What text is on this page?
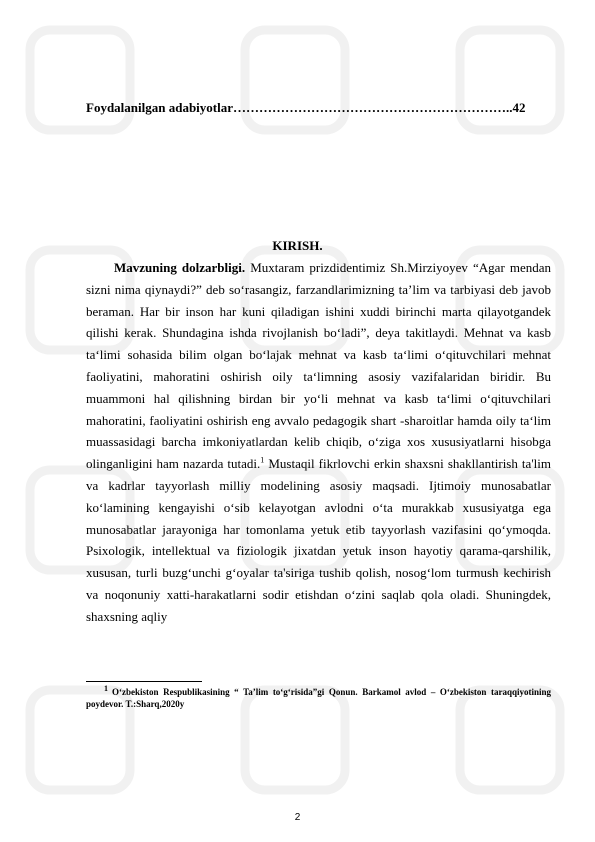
Foydalanilgan adabiyotlar………………………………………………………..42
KIRISH.

Mavzuning dolzarbligi. Muxtaram prizdidentimiz Sh.Mirziyoyev “Agar mendan sizni nima qiynaydi?” deb so‘rasangiz, farzandlarimizning ta’lim va tarbiyasi deb javob beraman. Har bir inson har kuni qiladigan ishini xuddi birinchi marta qilayotgandek qilishi kerak. Shundagina ishda rivojlanish bo‘ladi”, deya takitlaydi. Mehnat va kasb ta‘limi sohasida bilim olgan bo‘lajak mehnat va kasb ta‘limi o‘qituvchilari mehnat faoliyatini, mahoratini oshirish oily ta‘limning asosiy vazifalaridan biridir. Bu muammoni hal qilishning birdan bir yo‘li mehnat va kasb ta‘limi o‘qituvchilari mahoratini, faoliyatini oshirish eng avvalo pedagogik shart -sharoitlar hamda oily ta‘lim muassasidagi barcha imkoniyatlardan kelib chiqib, o‘ziga xos xususiyatlarni hisobga olinganligini ham nazarda tutadi.$^1$ Mustaqil fikrlovchi erkin shaxsni shakllantirish ta'lim va kadrlar tayyorlash milliy modelining asosiy maqsadi. Ijtimoiy munosabatlar ko‘lamining kengayishi o‘sib kelayotgan avlodni o‘ta murakkab xususiyatga ega munosabatlar jarayoniga har tomonlama yetuk etib tayyorlash vazifasini qo‘ymoqda. Psixologik, intellektual va fiziologik jixatdan yetuk inson hayotiy qarama-qarshilik, xususan, turli buzg‘unchi g‘oyalar ta'siriga tushib qolish, nosog‘lom turmush kechirish va noqonuniy xatti-harakatlarni sodir etishdan o‘zini saqlab qola oladi. Shuningdek, shaxsning aqliy

$^1$ O‘zbekiston Respublikasining “ Ta’lim to‘g‘risida”gi Qonun. Barkamol avlod – O‘zbekiston taraqqiyotining poydevor. T.:Sharq,2020y
2
